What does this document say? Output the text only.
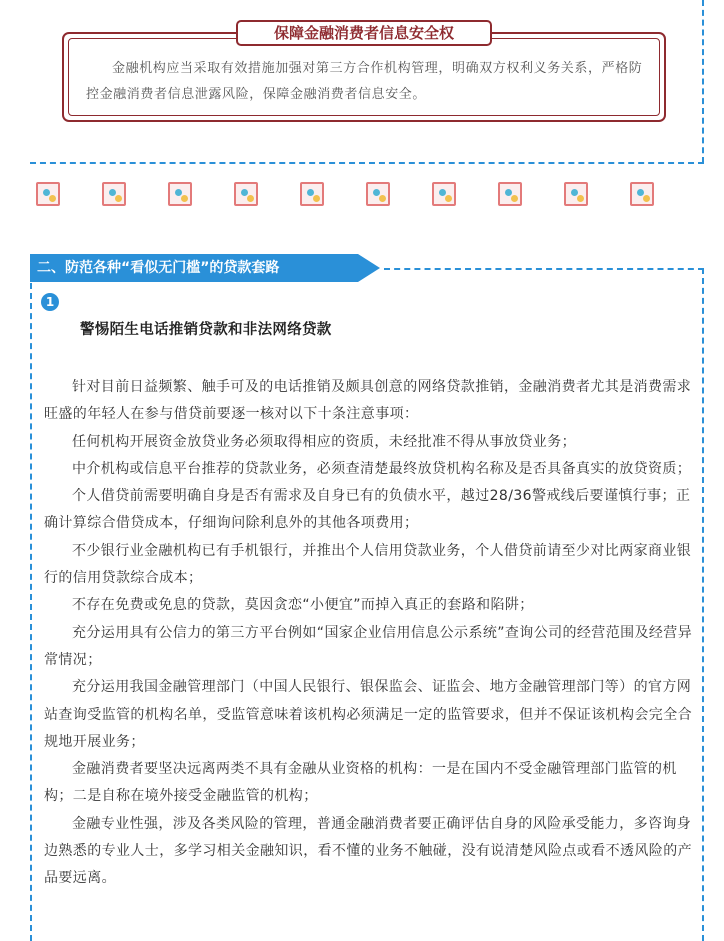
保障金融消费者信息安全权
金融机构应当采取有效措施加强对第三方合作机构管理，明确双方权利义务关系，严格防控金融消费者信息泄露风险，保障金融消费者信息安全。
二、防范各种“看似无门槛”的贷款套路
1
警惕陌生电话推销贷款和非法网络贷款

针对目前日益频繁、触手可及的电话推销及颇具创意的网络贷款推销，金融消费者尤其是消费需求旺盛的年轻人在参与借贷前要逐一核对以下十条注意事项：

任何机构开展资金放贷业务必须取得相应的资质，未经批准不得从事放贷业务；

中介机构或信息平台推荐的贷款业务，必须查清楚最终放贷机构名称及是否具备真实的放贷资质；

个人借贷前需要明确自身是否有需求及自身已有的负债水平，越过28/36警戒线后要谨慎行事；正确计算综合借贷成本，仔细询问除利息外的其他各项费用；

不少银行业金融机构已有手机银行，并推出个人信用贷款业务，个人借贷前请至少对比两家商业银行的信用贷款综合成本；

不存在免费或免息的贷款，莫因贪恋“小便宜”而掉入真正的套路和陷阱；

充分运用具有公信力的第三方平台例如“国家企业信用信息公示系统”查询公司的经营范围及经营异常情况；

充分运用我国金融管理部门（中国人民银行、银保监会、证监会、地方金融管理部门等）的官方网站查询受监管的机构名单，受监管意味着该机构必须满足一定的监管要求，但并不保证该机构会完全合规地开展业务；

金融消费者要坚决远离两类不具有金融从业资格的机构：一是在国内不受金融管理部门监管的机构；二是自称在境外接受金融监管的机构；

金融专业性强，涉及各类风险的管理，普通金融消费者要正确评估自身的风险承受能力，多咨询身边熟悉的专业人士，多学习相关金融知识，看不懂的业务不触碰，没有说清楚风险点或看不透风险的产品要远离。
